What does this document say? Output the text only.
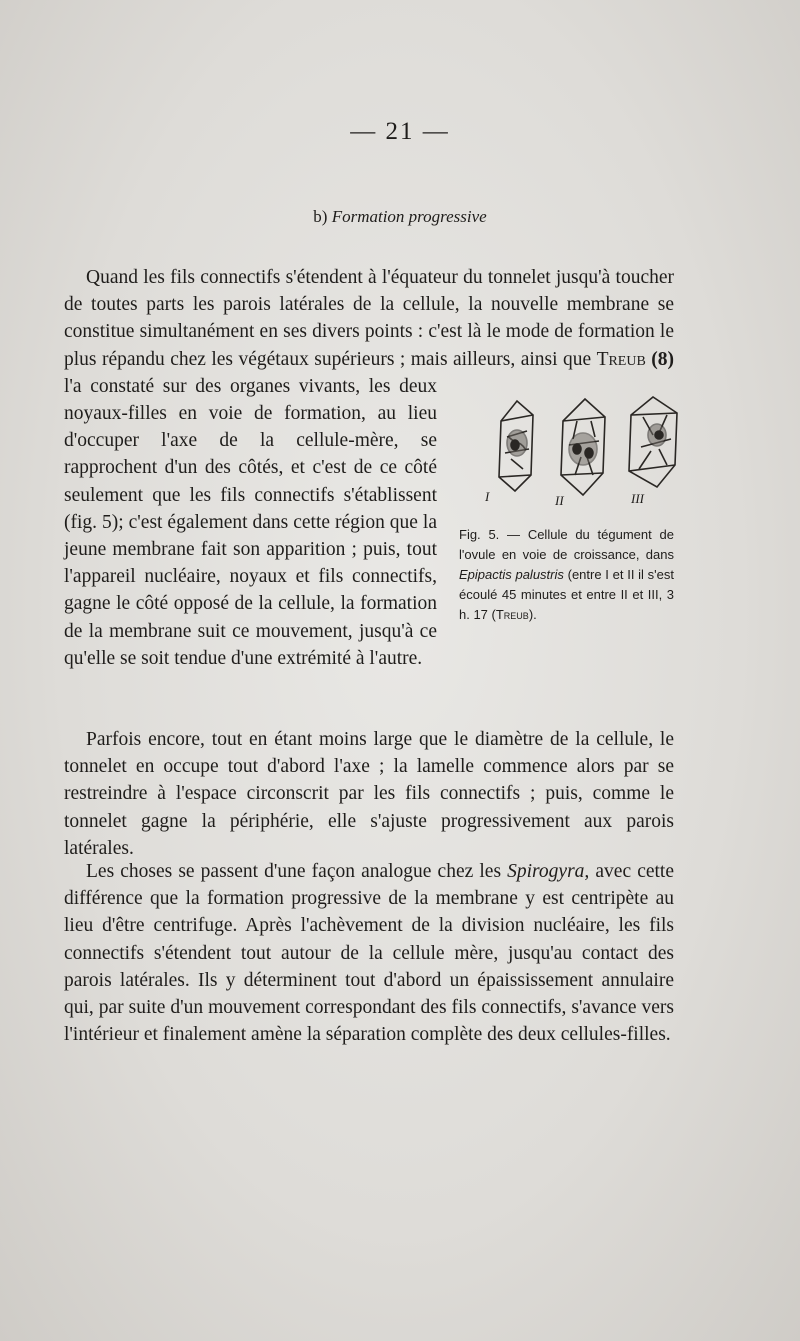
— 21 —
b) Formation progressive

Quand les fils connectifs s'étendent à l'équateur du tonnelet jusqu'à toucher de toutes parts les parois latérales de la cellule, la nouvelle membrane se constitue simultanément en ses divers points : c'est là le mode de formation le plus répandu chez les végétaux supérieurs ; mais ailleurs, ainsi que
I	II	III
Fig. 5. — Cellule du tégument de l'ovule en voie de croissance, dans Epipactis palustris (entre I et II il s'est écoulé 45 minutes et entre II et III, 3 h. 17 (Treub).
Treub (8) l'a constaté sur des organes vivants, les deux noyaux-filles en voie de formation, au lieu d'occuper l'axe de la cellule-mère, se rapprochent d'un des côtés, et c'est de ce côté seulement que les fils connectifs s'établissent (fig. 5); c'est également dans cette région que la jeune membrane fait son apparition ; puis, tout l'appareil nucléaire, noyaux et fils connectifs, gagne le côté opposé de la cellule, la formation de la membrane suit ce mouvement, jusqu'à ce qu'elle se soit tendue d'une extrémité à l'autre.

Parfois encore, tout en étant moins large que le diamètre de la cellule, le tonnelet en occupe tout d'abord l'axe ; la lamelle commence alors par se restreindre à l'espace circonscrit par les fils connectifs ; puis, comme le tonnelet gagne la périphérie, elle s'ajuste progressivement aux parois latérales.

Les choses se passent d'une façon analogue chez les Spirogyra, avec cette différence que la formation progressive de la membrane y est centripète au lieu d'être centrifuge. Après l'achèvement de la division nucléaire, les fils connectifs s'étendent tout autour de la cellule mère, jusqu'au contact des parois latérales. Ils y déterminent tout d'abord un épaississement annulaire qui, par suite d'un mouvement correspondant des fils connectifs, s'avance vers l'intérieur et finalement amène la séparation complète des deux cellules-filles.
